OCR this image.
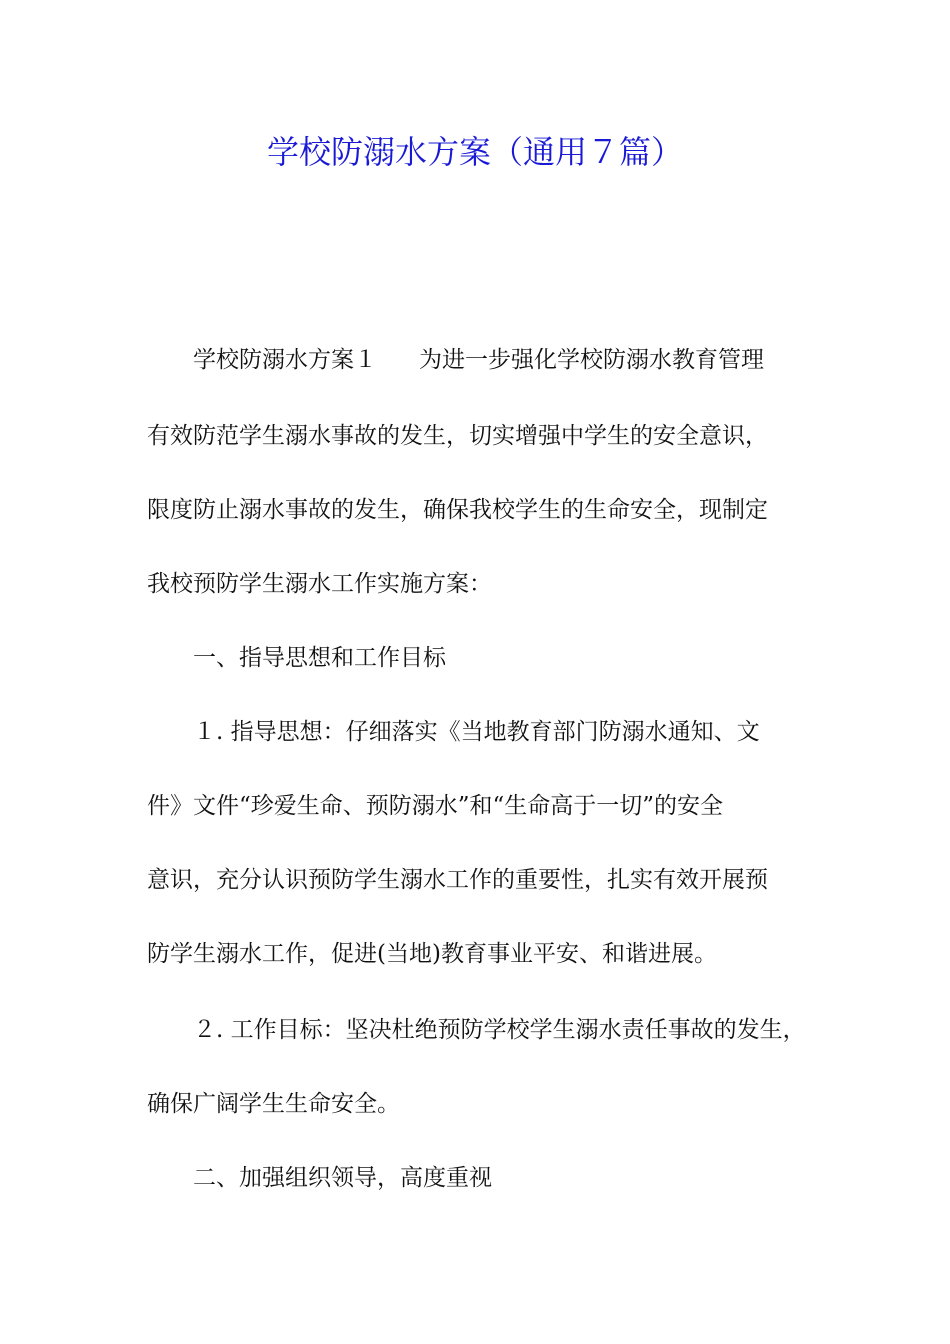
学校防溺水方案（通用７篇）
学校防溺水方案１ 为进一步强化学校防溺水教育管理
有效防范学生溺水事故的发生，切实增强中学生的安全意识，
限度防止溺水事故的发生，确保我校学生的生命安全，现制定
我校预防学生溺水工作实施方案：
一、指导思想和工作目标
１. 指导思想：仔细落实《当地教育部门防溺水通知、文
件》文件“珍爱生命、预防溺水”和“生命高于一切”的安全
意识，充分认识预防学生溺水工作的重要性，扎实有效开展预
防学生溺水工作，促进(当地)教育事业平安、和谐进展。
２. 工作目标：坚决杜绝预防学校学生溺水责任事故的发生，
确保广阔学生生命安全。
二、加强组织领导，高度重视
